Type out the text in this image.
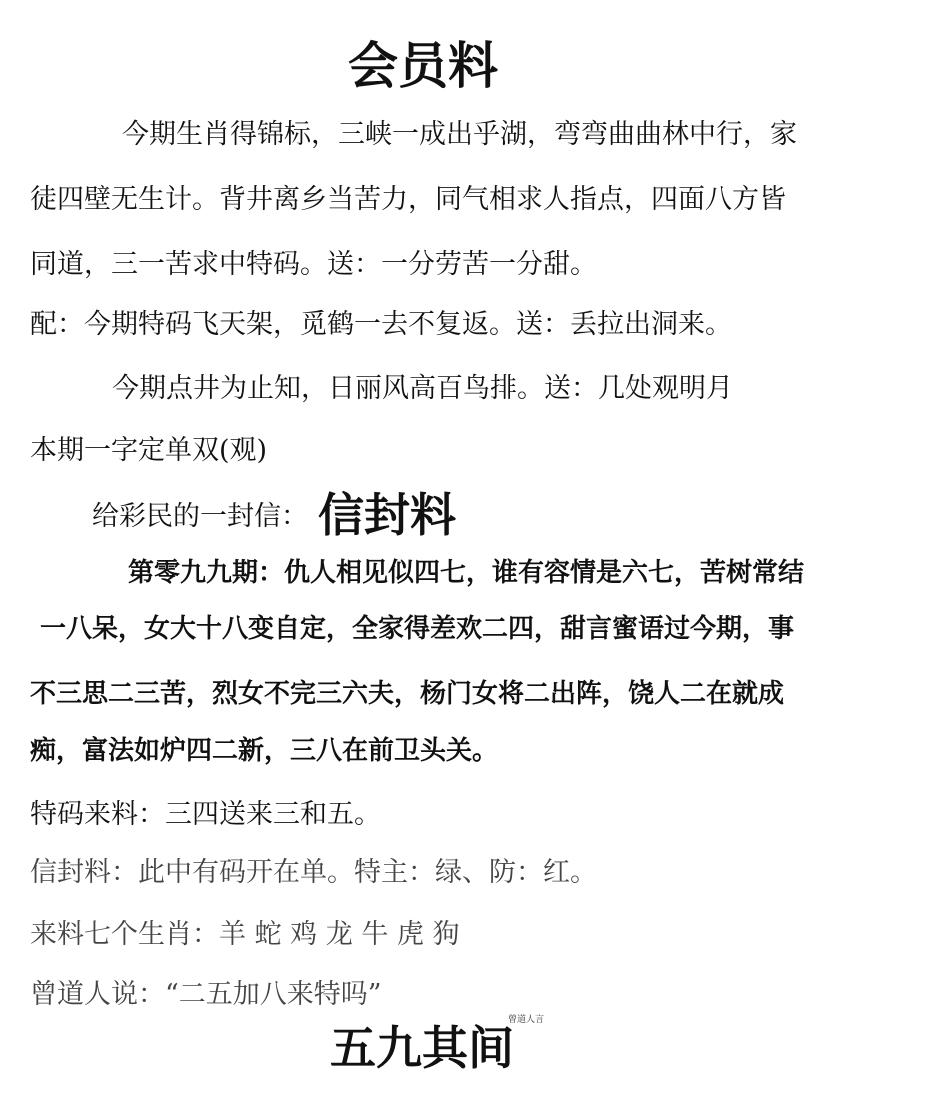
会员料
今期生肖得锦标，三峡一成出乎湖，弯弯曲曲林中行，家
徒四壁无生计。背井离乡当苦力，同气相求人指点，四面八方皆
同道，三一苦求中特码。送：一分劳苦一分甜。
配：今期特码飞天架，觅鹤一去不复返。送：丢拉出洞来。
今期点井为止知，日丽风高百鸟排。送：几处观明月
本期一字定单双(观)
给彩民的一封信： 信封料
第零九九期：仇人相见似四七，谁有容情是六七，苦树常结
一八呆，女大十八变自定，全家得差欢二四，甜言蜜语过今期，事
不三思二三苦，烈女不完三六夫，杨门女将二出阵，饶人二在就成
痴，富法如炉四二新，三八在前卫头关。
特码来料：三四送来三和五。
信封料：此中有码开在单。特主：绿、防：红。
来料七个生肖：羊 蛇 鸡 龙 牛 虎 狗
曾道人说：“二五加八来特吗”
曾道人言
五九其间
